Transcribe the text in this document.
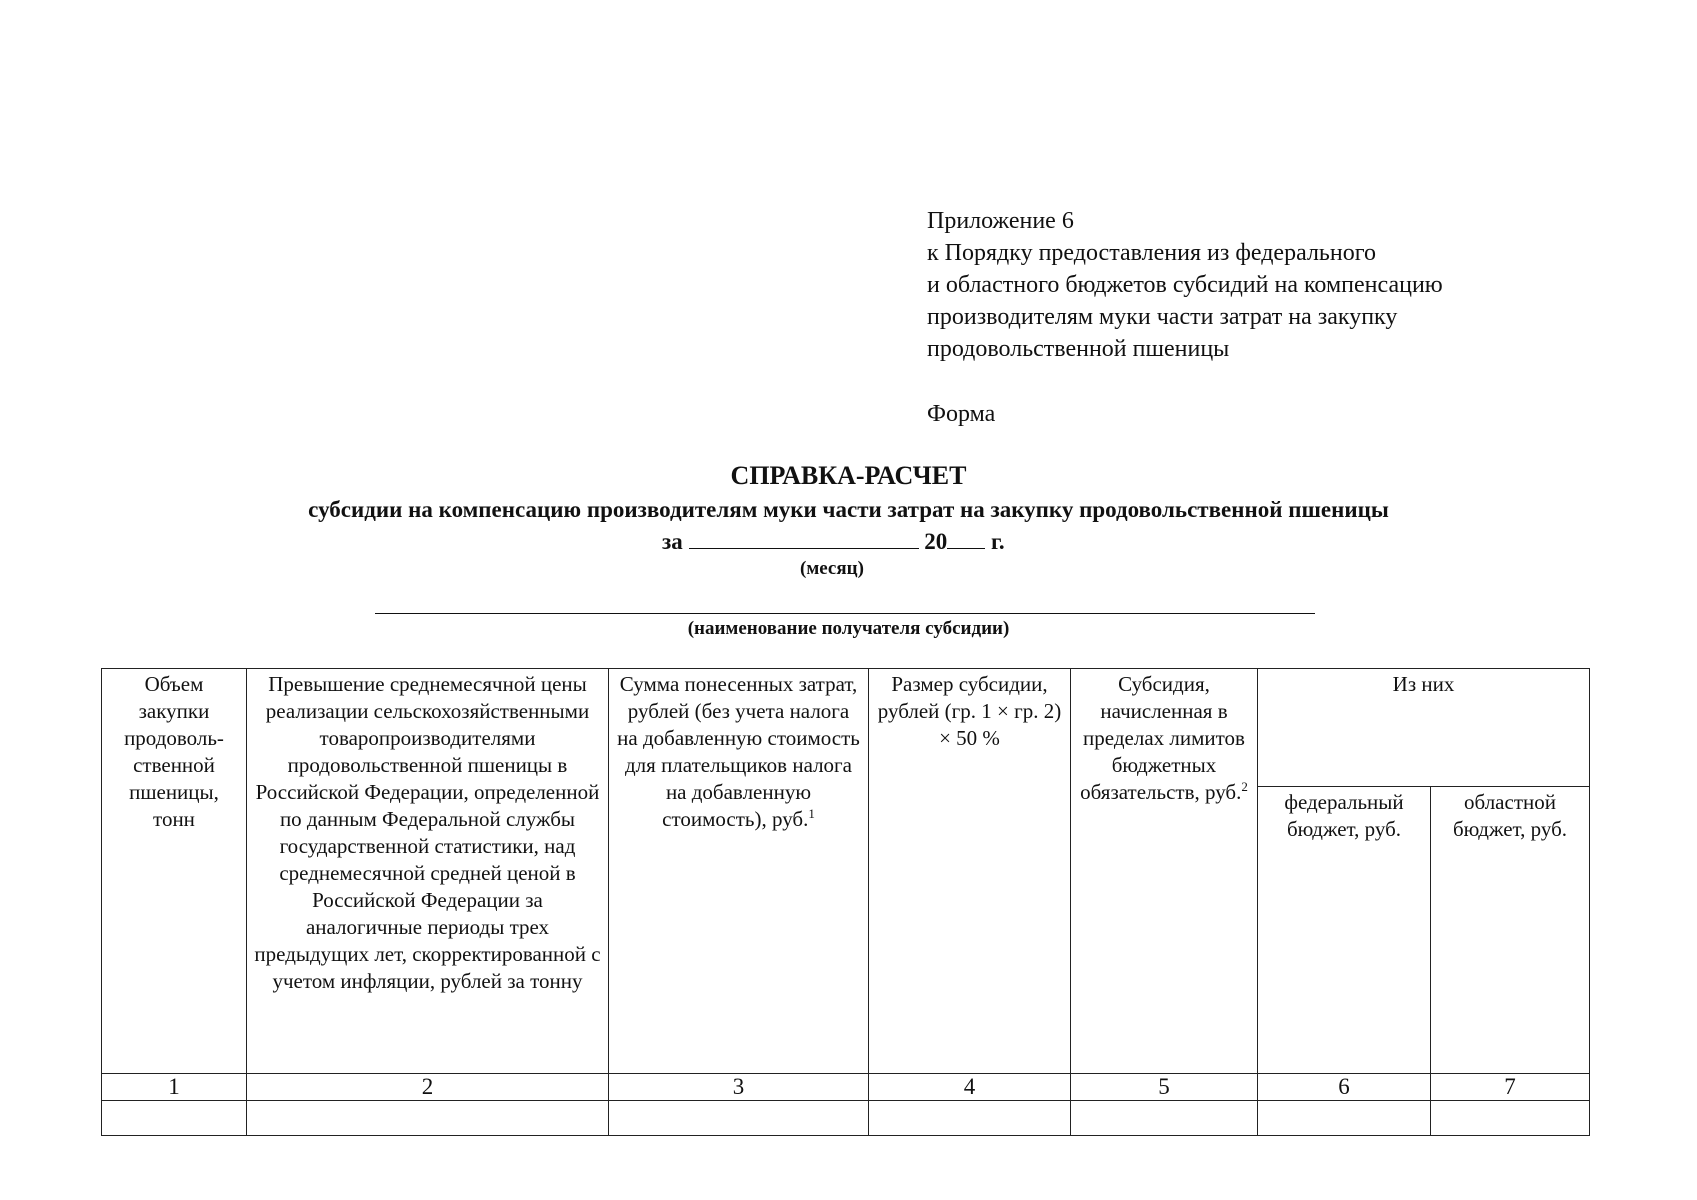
Приложение 6
к Порядку предоставления из федерального
и областного бюджетов субсидий на компенсацию
производителям муки части затрат на закупку
продовольственной пшеницы
Форма
СПРАВКА-РАСЧЕТ
субсидии на компенсацию производителям муки части затрат на закупку продовольственной пшеницы
за	20 г.
(месяц)
(наименование получателя субсидии)
Объем закупки продоволь-ственной пшеницы, тонн	Превышение среднемесячной цены реализации сельскохозяйственными товаропроизводителями продовольственной пшеницы в Российской Федерации, определенной по данным Федеральной службы государственной статистики, над среднемесячной средней ценой в Российской Федерации за аналогичные периоды трех предыдущих лет, скорректированной с учетом инфляции, рублей за тонну	Сумма понесенных затрат, рублей (без учета налога на добавленную стоимость для плательщиков налога на добавленную стоимость), руб.$^1$	Размер субсидии, рублей (гр. 1 × гр. 2) × 50 %	Субсидия, начисленная в пределах лимитов бюджетных обязательств, руб.$^2$	Из них	
					федеральный бюджет, руб.	областной бюджет, руб.
1	2	3	4	5	6	7
